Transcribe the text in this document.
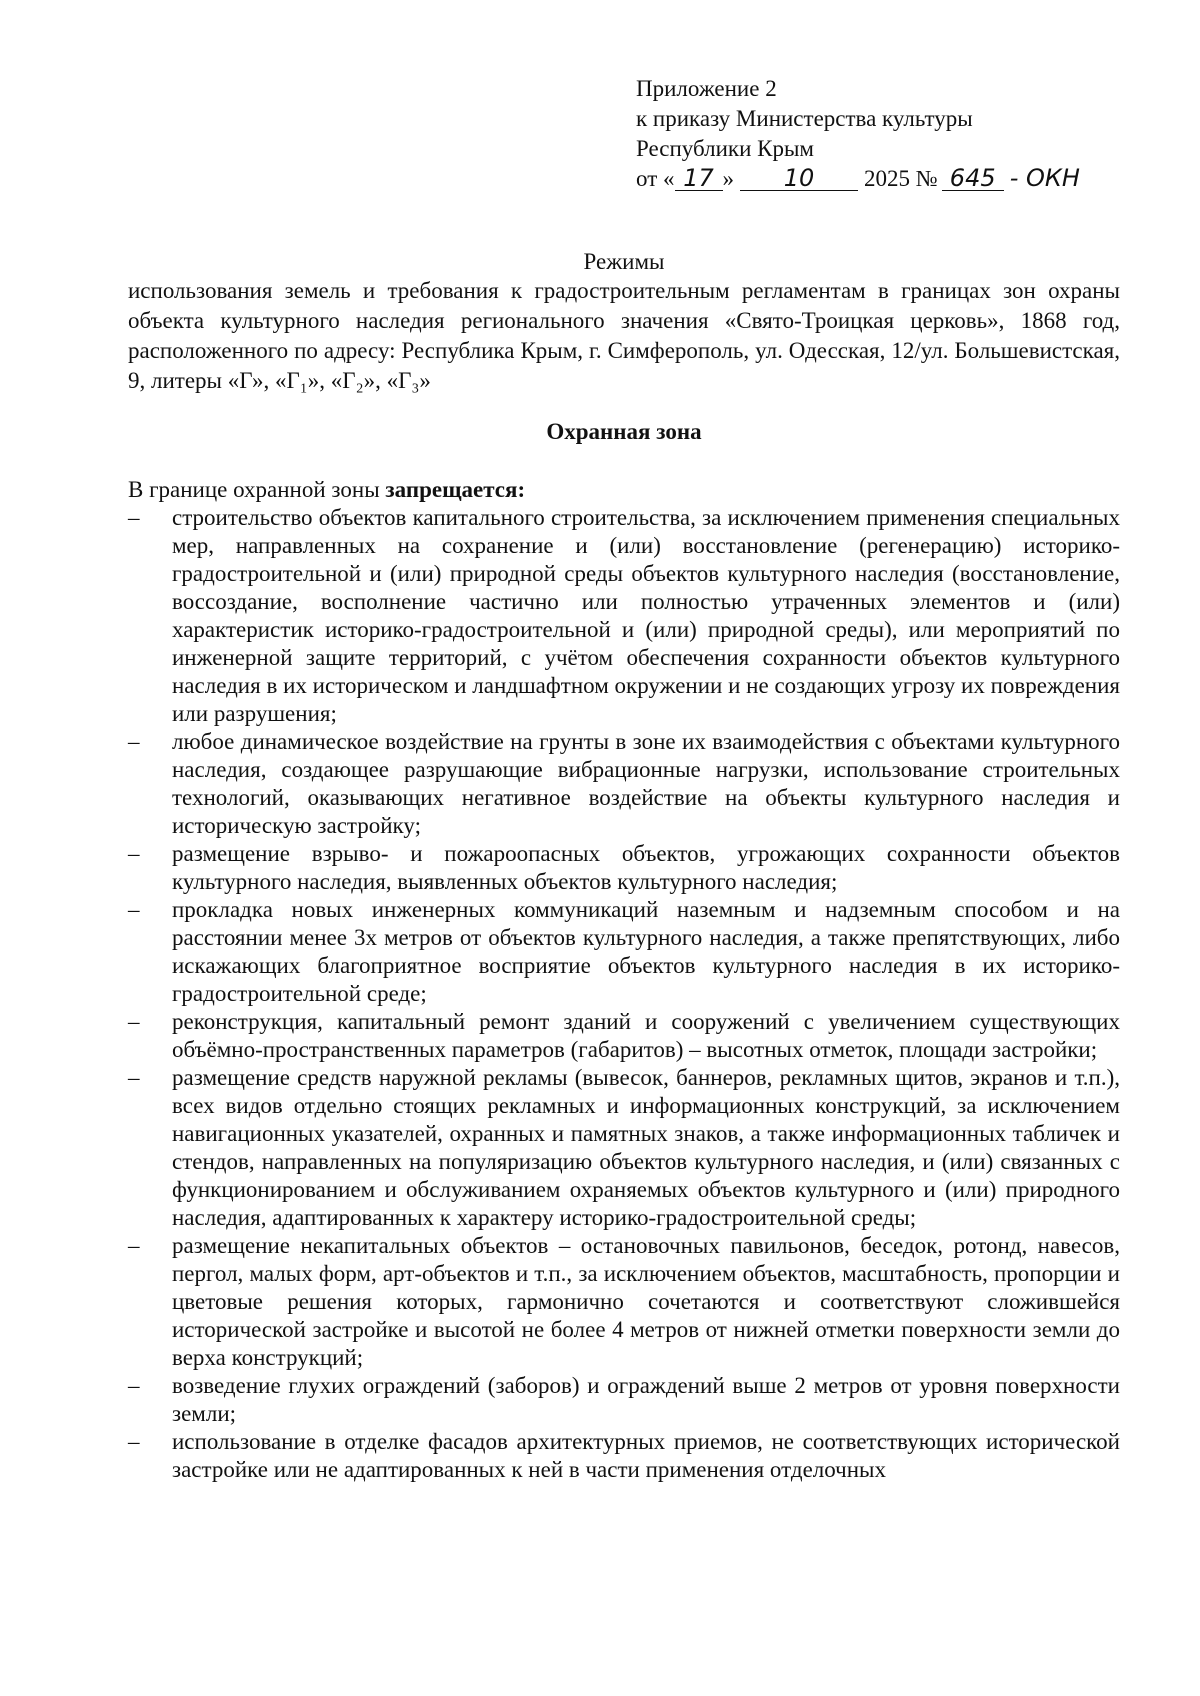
Приложение 2
к приказу Министерства культуры
Республики Крым
от « 17 » 10 2025 № 645 - ОКН
Режимы
использования земель и требования к градостроительным регламентам в границах зон охраны объекта культурного наследия регионального значения «Свято-Троицкая церковь», 1868 год, расположенного по адресу: Республика Крым, г. Симферополь, ул. Одесская, 12/ул. Большевистская, 9, литеры «Г», «Г₁», «Г₂», «Г₃»
Охранная зона
В границе охранной зоны запрещается:
– строительство объектов капитального строительства, за исключением применения специальных мер, направленных на сохранение и (или) восстановление (регенерацию) историко-градостроительной и (или) природной среды объектов культурного наследия (восстановление, воссоздание, восполнение частично или полностью утраченных элементов и (или) характеристик историко-градостроительной и (или) природной среды), или мероприятий по инженерной защите территорий, с учётом обеспечения сохранности объектов культурного наследия в их историческом и ландшафтном окружении и не создающих угрозу их повреждения или разрушения;
– любое динамическое воздействие на грунты в зоне их взаимодействия с объектами культурного наследия, создающее разрушающие вибрационные нагрузки, использование строительных технологий, оказывающих негативное воздействие на объекты культурного наследия и историческую застройку;
– размещение взрыво- и пожароопасных объектов, угрожающих сохранности объектов культурного наследия, выявленных объектов культурного наследия;
– прокладка новых инженерных коммуникаций наземным и надземным способом и на расстоянии менее 3х метров от объектов культурного наследия, а также препятствующих, либо искажающих благоприятное восприятие объектов культурного наследия в их историко-градостроительной среде;
– реконструкция, капитальный ремонт зданий и сооружений с увеличением существующих объёмно-пространственных параметров (габаритов) – высотных отметок, площади застройки;
– размещение средств наружной рекламы (вывесок, баннеров, рекламных щитов, экранов и т.п.), всех видов отдельно стоящих рекламных и информационных конструкций, за исключением навигационных указателей, охранных и памятных знаков, а также информационных табличек и стендов, направленных на популяризацию объектов культурного наследия, и (или) связанных с функционированием и обслуживанием охраняемых объектов культурного и (или) природного наследия, адаптированных к характеру историко-градостроительной среды;
– размещение некапитальных объектов – остановочных павильонов, беседок, ротонд, навесов, пергол, малых форм, арт-объектов и т.п., за исключением объектов, масштабность, пропорции и цветовые решения которых, гармонично сочетаются и соответствуют сложившейся исторической застройке и высотой не более 4 метров от нижней отметки поверхности земли до верха конструкций;
– возведение глухих ограждений (заборов) и ограждений выше 2 метров от уровня поверхности земли;
– использование в отделке фасадов архитектурных приемов, не соответствующих исторической застройке или не адаптированных к ней в части применения отделочных
